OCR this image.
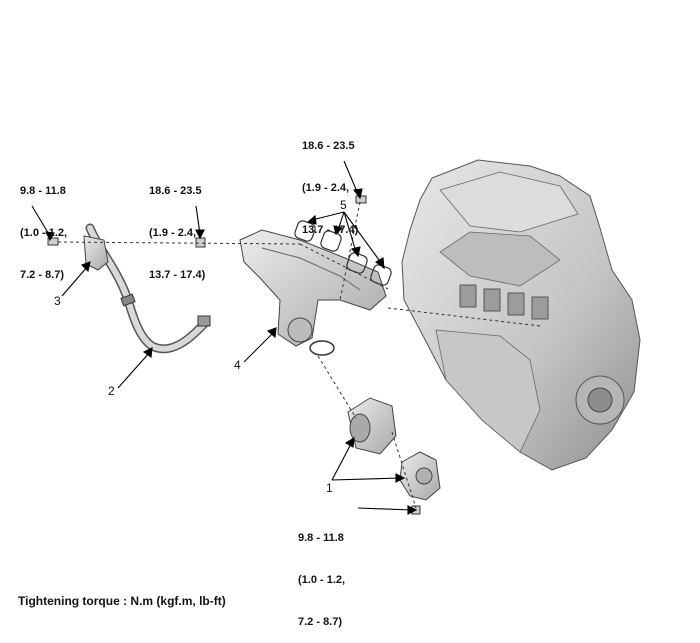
9.8 - 11.8

(1.0 - 1.2,

7.2 - 8.7)

18.6 - 23.5

(1.9 - 2.4,

13.7 - 17.4)

18.6 - 23.5

(1.9 - 2.4,

13.7 - 17.4)

9.8 - 11.8

(1.0 - 1.2,

7.2 - 8.7)

1
2
3
4
5
Tightening torque : N.m (kgf.m, lb-ft)
